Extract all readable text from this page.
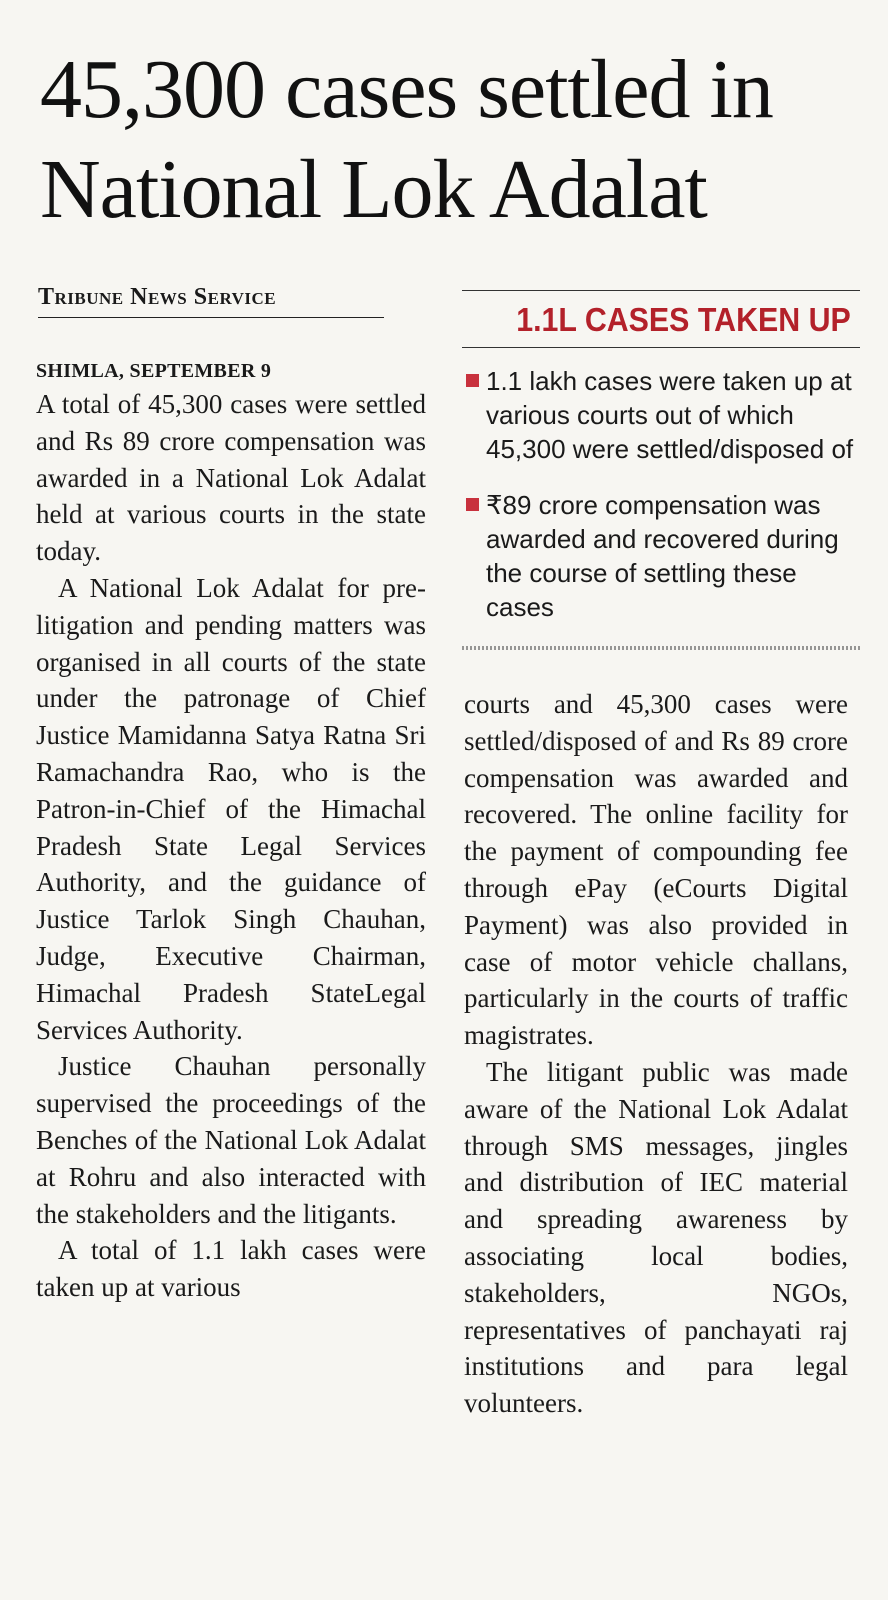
45,300 cases settled in
National Lok Adalat
Tribune News Service
SHIMLA, SEPTEMBER 9

A total of 45,300 cases were settled and Rs 89 crore compensation was awarded in a National Lok Adalat held at various courts in the state today.

A National Lok Adalat for pre-litigation and pending matters was organised in all courts of the state under the patronage of Chief Justice Mamidanna Satya Ratna Sri Ramachandra Rao, who is the Patron-in-Chief of the Himachal Pradesh State Legal Services Authority, and the guidance of Justice Tarlok Singh Chauhan, Judge, Executive Chairman, Himachal Pradesh StateLegal Services Authority.

Justice Chauhan personally supervised the proceedings of the Benches of the National Lok Adalat at Rohru and also interacted with the stakeholders and the litigants.

A total of 1.1 lakh cases were taken up at various

1.1L CASES TAKEN UP
1.1 lakh cases were taken up at various courts out of which 45,300 were settled/disposed of
₹89 crore compensation was awarded and recovered during the course of settling these cases

courts and 45,300 cases were settled/disposed of and Rs 89 crore compensation was awarded and recovered. The online facility for the payment of compounding fee through ePay (eCourts Digital Payment) was also provided in case of motor vehicle challans, particularly in the courts of traffic magistrates.

The litigant public was made aware of the National Lok Adalat through SMS messages, jingles and distribution of IEC material and spreading awareness by associating local bodies, stakeholders, NGOs, representatives of panchayati raj institutions and para legal volunteers.
